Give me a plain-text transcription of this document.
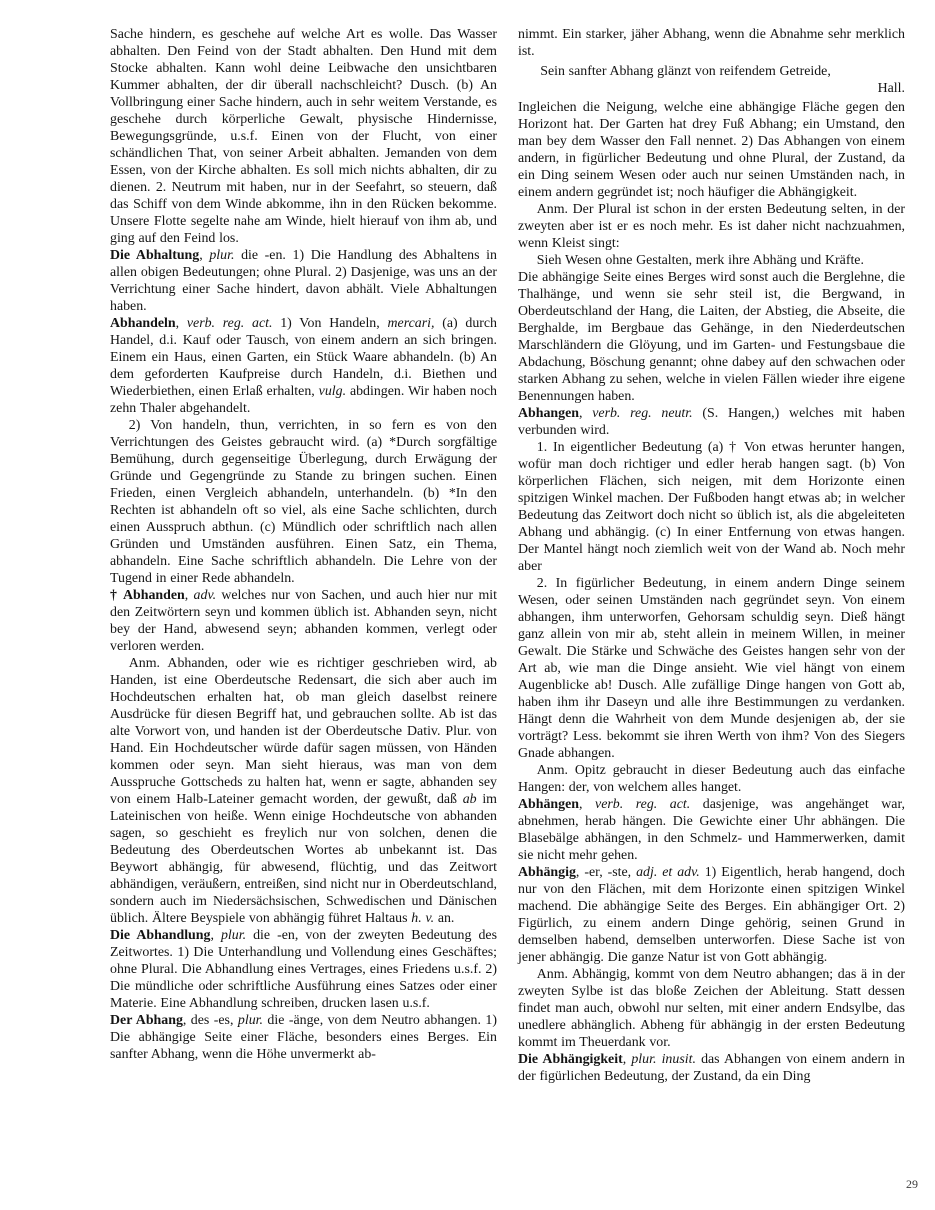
Sache hindern, es geschehe auf welche Art es wolle. Das Wasser abhalten. Den Feind von der Stadt abhalten. Den Hund mit dem Stocke abhalten. Kann wohl deine Leibwache den unsichtbaren Kummer abhalten, der dir überall nachschleicht? Dusch. (b) An Vollbringung einer Sache hindern, auch in sehr weitem Verstande, es geschehe durch körperliche Gewalt, physische Hindernisse, Bewegungsgründe, u.s.f. Einen von der Flucht, von einer schändlichen That, von seiner Arbeit abhalten. Jemanden von dem Essen, von der Kirche abhalten. Es soll mich nichts abhalten, dir zu dienen. 2. Neutrum mit haben, nur in der Seefahrt, so steuern, daß das Schiff von dem Winde abkomme, ihn in den Rücken bekomme. Unsere Flotte segelte nahe am Winde, hielt hierauf von ihm ab, und ging auf den Feind los.

Die Abhaltung, plur. die -en. 1) Die Handlung des Abhaltens in allen obigen Bedeutungen; ohne Plural. 2) Dasjenige, was uns an der Verrichtung einer Sache hindert, davon abhält. Viele Abhaltungen haben.

Abhandeln, verb. reg. act. 1) Von Handeln, mercari, (a) durch Handel, d.i. Kauf oder Tausch, von einem andern an sich bringen. Einem ein Haus, einen Garten, ein Stück Waare abhandeln. (b) An dem geforderten Kaufpreise durch Handeln, d.i. Biethen und Wiederbiethen, einen Erlaß erhalten, vulg. abdingen. Wir haben noch zehn Thaler abgehandelt.

2) Von handeln, thun, verrichten, in so fern es von den Verrichtungen des Geistes gebraucht wird. (a) *Durch sorgfältige Bemühung, durch gegenseitige Überlegung, durch Erwägung der Gründe und Gegengründe zu Stande zu bringen suchen. Einen Frieden, einen Vergleich abhandeln, unterhandeln. (b) *In den Rechten ist abhandeln oft so viel, als eine Sache schlichten, durch einen Ausspruch abthun. (c) Mündlich oder schriftlich nach allen Gründen und Umständen ausführen. Einen Satz, ein Thema, abhandeln. Eine Sache schriftlich abhandeln. Die Lehre von der Tugend in einer Rede abhandeln.

† Abhanden, adv. welches nur von Sachen, und auch hier nur mit den Zeitwörtern seyn und kommen üblich ist. Abhanden seyn, nicht bey der Hand, abwesend seyn; abhanden kommen, verlegt oder verloren werden.

Anm. Abhanden, oder wie es richtiger geschrieben wird, ab Handen, ist eine Oberdeutsche Redensart, die sich aber auch im Hochdeutschen erhalten hat, ob man gleich daselbst reinere Ausdrücke für diesen Begriff hat, und gebrauchen sollte. Ab ist das alte Vorwort von, und handen ist der Oberdeutsche Dativ. Plur. von Hand. Ein Hochdeutscher würde dafür sagen müssen, von Händen kommen oder seyn. Man sieht hieraus, was man von dem Ausspruche Gottscheds zu halten hat, wenn er sagte, abhanden sey von einem Halb-Lateiner gemacht worden, der gewußt, daß ab im Lateinischen von heiße. Wenn einige Hochdeutsche von abhanden sagen, so geschieht es freylich nur von solchen, denen die Bedeutung des Oberdeutschen Wortes ab unbekannt ist. Das Beywort abhängig, für abwesend, flüchtig, und das Zeitwort abhändigen, veräußern, entreißen, sind nicht nur in Oberdeutschland, sondern auch im Niedersächsischen, Schwedischen und Dänischen üblich. Ältere Beyspiele von abhängig führet Haltaus h. v. an.

Die Abhandlung, plur. die -en, von der zweyten Bedeutung des Zeitwortes. 1) Die Unterhandlung und Vollendung eines Geschäftes; ohne Plural. Die Abhandlung eines Vertrages, eines Friedens u.s.f. 2) Die mündliche oder schriftliche Ausführung eines Satzes oder einer Materie. Eine Abhandlung schreiben, drucken lasen u.s.f.

Der Abhang, des -es, plur. die -änge, von dem Neutro abhangen. 1) Die abhängige Seite einer Fläche, besonders eines Berges. Ein sanfter Abhang, wenn die Höhe unvermerkt ab-

nimmt. Ein starker, jäher Abhang, wenn die Abnahme sehr merklich ist.

Sein sanfter Abhang glänzt von reifendem Getreide,

Hall.

Ingleichen die Neigung, welche eine abhängige Fläche gegen den Horizont hat. Der Garten hat drey Fuß Abhang; ein Umstand, den man bey dem Wasser den Fall nennet. 2) Das Abhangen von einem andern, in figürlicher Bedeutung und ohne Plural, der Zustand, da ein Ding seinem Wesen oder auch nur seinen Umständen nach, in einem andern gegründet ist; noch häufiger die Abhängigkeit.

Anm. Der Plural ist schon in der ersten Bedeutung selten, in der zweyten aber ist er es noch mehr. Es ist daher nicht nachzuahmen, wenn Kleist singt:

Sieh Wesen ohne Gestalten, merk ihre Abhäng und Kräfte.

Die abhängige Seite eines Berges wird sonst auch die Berglehne, die Thalhänge, und wenn sie sehr steil ist, die Bergwand, in Oberdeutschland der Hang, die Laiten, der Abstieg, die Abseite, die Berghalde, im Bergbaue das Gehänge, in den Niederdeutschen Marschländern die Glöyung, und im Garten- und Festungsbaue die Abdachung, Böschung genannt; ohne dabey auf den schwachen oder starken Abhang zu sehen, welche in vielen Fällen wieder ihre eigene Benennungen haben.

Abhangen, verb. reg. neutr. (S. Hangen,) welches mit haben verbunden wird.

1. In eigentlicher Bedeutung (a) † Von etwas herunter hangen, wofür man doch richtiger und edler herab hangen sagt. (b) Von körperlichen Flächen, sich neigen, mit dem Horizonte einen spitzigen Winkel machen. Der Fußboden hangt etwas ab; in welcher Bedeutung das Zeitwort doch nicht so üblich ist, als die abgeleiteten Abhang und abhängig. (c) In einer Entfernung von etwas hangen. Der Mantel hängt noch ziemlich weit von der Wand ab. Noch mehr aber

2. In figürlicher Bedeutung, in einem andern Dinge seinem Wesen, oder seinen Umständen nach gegründet seyn. Von einem abhangen, ihm unterworfen, Gehorsam schuldig seyn. Dieß hängt ganz allein von mir ab, steht allein in meinem Willen, in meiner Gewalt. Die Stärke und Schwäche des Geistes hangen sehr von der Art ab, wie man die Dinge ansieht. Wie viel hängt von einem Augenblicke ab! Dusch. Alle zufällige Dinge hangen von Gott ab, haben ihm ihr Daseyn und alle ihre Bestimmungen zu verdanken. Hängt denn die Wahrheit von dem Munde desjenigen ab, der sie vorträgt? Less. bekommt sie ihren Werth von ihm? Von des Siegers Gnade abhangen.

Anm. Opitz gebraucht in dieser Bedeutung auch das einfache Hangen: der, von welchem alles hanget.

Abhängen, verb. reg. act. dasjenige, was angehänget war, abnehmen, herab hängen. Die Gewichte einer Uhr abhängen. Die Blasebälge abhängen, in den Schmelz- und Hammerwerken, damit sie nicht mehr gehen.

Abhängig, -er, -ste, adj. et adv. 1) Eigentlich, herab hangend, doch nur von den Flächen, mit dem Horizonte einen spitzigen Winkel machend. Die abhängige Seite des Berges. Ein abhängiger Ort. 2) Figürlich, zu einem andern Dinge gehörig, seinen Grund in demselben habend, demselben unterworfen. Diese Sache ist von jener abhängig. Die ganze Natur ist von Gott abhängig.

Anm. Abhängig, kommt von dem Neutro abhangen; das ä in der zweyten Sylbe ist das bloße Zeichen der Ableitung. Statt dessen findet man auch, obwohl nur selten, mit einer andern Endsylbe, das unedlere abhänglich. Abheng für abhängig in der ersten Bedeutung kommt im Theuerdank vor.

Die Abhängigkeit, plur. inusit. das Abhangen von einem andern in der figürlichen Bedeutung, der Zustand, da ein Ding

29
